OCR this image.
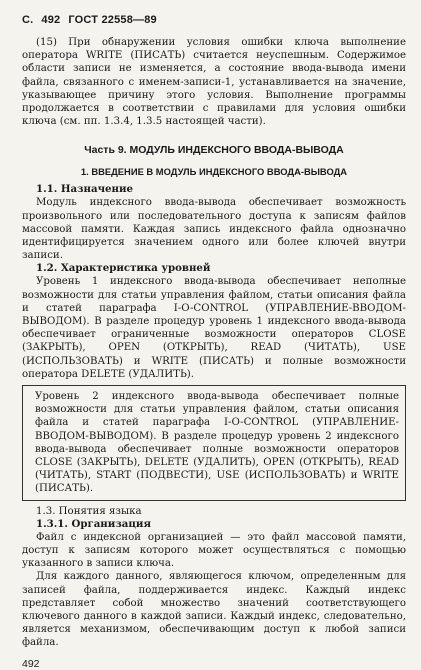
С. 492 ГОСТ 22558—89

(15) При обнаружении условия ошибки ключа выполнение оператора WRITE (ПИСАТЬ) считается неуспешным. Содержимое области записи не изменяется, а состояние ввода-вывода имени файла, связанного с именем-записи-1, устанавливается на значение, указывающее причину этого условия. Выполнение программы продолжается в соответствии с правилами для условия ошибки ключа (см. пп. 1.3.4, 1.3.5 настоящей части).

Часть 9. МОДУЛЬ ИНДЕКСНОГО ВВОДА-ВЫВОДА
1. ВВЕДЕНИЕ В МОДУЛЬ ИНДЕКСНОГО ВВОДА-ВЫВОДА
1.1. Назначение

Модуль индексного ввода-вывода обеспечивает возможность произвольного или последовательного доступа к записям файлов массовой памяти. Каждая запись индексного файла однозначно идентифицируется значением одного или более ключей внутри записи.

1.2. Характеристика уровней

Уровень 1 индексного ввода-вывода обеспечивает неполные возможности для статьи управления файлом, статьи описания файла и статей параграфа I-O-CONTROL (УПРАВЛЕНИЕ-ВВОДОМ-ВЫВОДОМ). В разделе процедур уровень 1 индексного ввода-вывода обеспечивает ограниченные возможности операторов CLOSE (ЗАКРЫТЬ), OPEN (ОТКРЫТЬ), READ (ЧИТАТЬ), USE (ИСПОЛЬЗОВАТЬ) и WRITE (ПИСАТЬ) и полные возможности оператора DELETE (УДАЛИТЬ).

Уровень 2 индексного ввода-вывода обеспечивает полные возможности для статьи управления файлом, статьи описания файла и статей параграфа I-O-CONTROL (УПРАВЛЕНИЕ-ВВОДОМ-ВЫВОДОМ). В разделе процедур уровень 2 индексного ввода-вывода обеспечивает полные возможности операторов CLOSE (ЗАКРЫТЬ), DELETE (УДАЛИТЬ), OPEN (ОТКРЫТЬ), READ (ЧИТАТЬ), START (ПОДВЕСТИ), USE (ИСПОЛЬЗОВАТЬ) и WRITE (ПИСАТЬ).

1.3. Понятия языка
1.3.1. Организация

Файл с индексной организацией — это файл массовой памяти, доступ к записям которого может осуществляться с помощью указанного в записи ключа.

Для каждого данного, являющегося ключом, определенным для записей файла, поддерживается индекс. Каждый индекс представляет собой множество значений соответствующего ключевого данного в каждой записи. Каждый индекс, следовательно, является механизмом, обеспечивающим доступ к любой записи файла.

492
